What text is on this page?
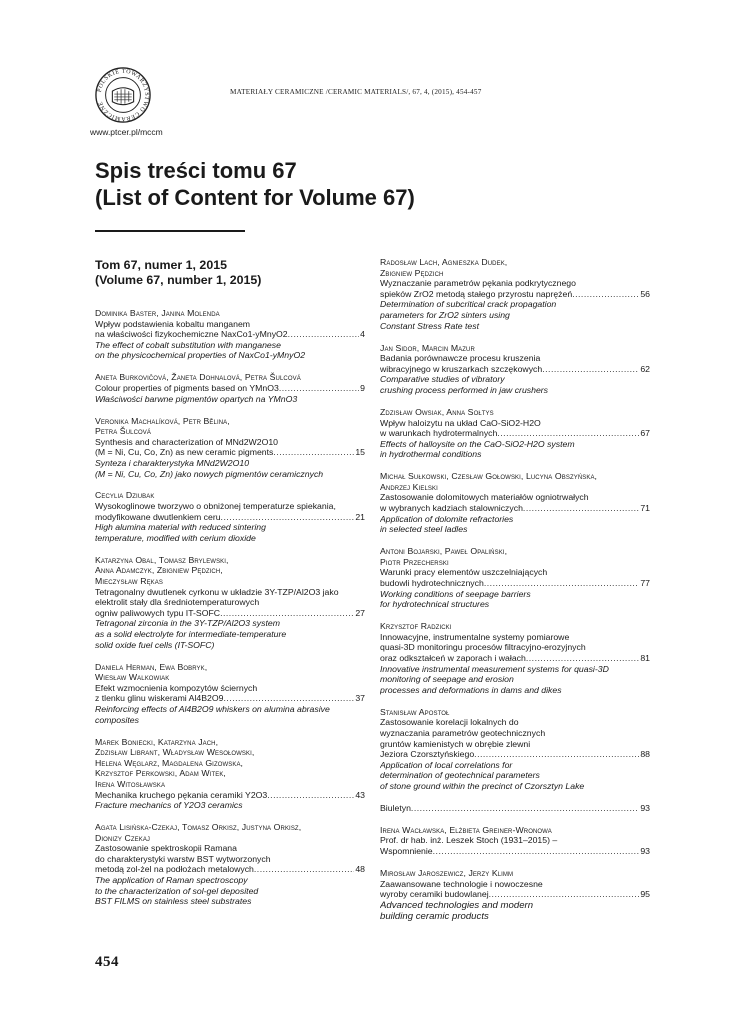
POLSKIE TOWARZYSTWO CERAMICZNE
www.ptcer.pl/mccm
MATERIAŁY CERAMICZNE /CERAMIC MATERIALS/, 67, 4, (2015), 454-457
Spis treści tomu 67
(List of Content for Volume 67)
Tom 67, numer 1, 2015
(Volume 67, number 1, 2015)
Dominika Baster, Janina Molenda
Wpływ podstawienia kobaltu manganem
na właściwości fizykochemiczne NaxCo1-yMnyO2 .....	4
The effect of cobalt substitution with manganese
on the physicochemical properties of NaxCo1-yMnyO2
Aneta Burkovičová, Žaneta Dohnalová, Petra Šulcová
Colour properties of pigments based on YMnO3 .....	9
Właściwości barwne pigmentów opartych na YMnO3
Veronika Machalíková, Petr Bělina,
Petra Šulcová
Synthesis and characterization of MNd2W2O10
(M = Ni, Cu, Co, Zn) as new ceramic pigments .....	15
Synteza i charakterystyka MNd2W2O10
(M = Ni, Cu, Co, Zn) jako nowych pigmentów ceramicznych
Cecylia Dziubak
Wysokoglinowe tworzywo o obniżonej temperaturze spiekania,
modyfikowane dwutlenkiem ceru .....	21
High alumina material with reduced sintering
temperature, modified with cerium dioxide
Katarzyna Obal, Tomasz Brylewski,
Anna Adamczyk, Zbigniew Pędzich,
Mieczysław Rękas
Tetragonalny dwutlenek cyrkonu w układzie 3Y-TZP/Al2O3 jako
elektrolit stały dla średniotemperaturowych
ogniw paliwowych typu IT-SOFC .....	27
Tetragonal zirconia in the 3Y-TZP/Al2O3 system
as a solid electrolyte for intermediate-temperature
solid oxide fuel cells (IT-SOFC)
Daniela Herman, Ewa Bobryk,
Wiesław Walkowiak
Efekt wzmocnienia kompozytów ściernych
z tlenku glinu wiskerami Al4B2O9 .....	37
Reinforcing effects of Al4B2O9 whiskers on alumina abrasive
composites
Marek Boniecki, Katarzyna Jach,
Zdzisław Librant, Władysław Wesołowski,
Helena Węglarz, Magdalena Gizowska,
Krzysztof Perkowski, Adam Witek,
Irena Witosławska
Mechanika kruchego pękania ceramiki Y2O3 .....	43
Fracture mechanics of Y2O3 ceramics
Agata Lisińska-Czekaj, Tomasz Orkisz, Justyna Orkisz,
Dionizy Czekaj
Zastosowanie spektroskopii Ramana
do charakterystyki warstw BST wytworzonych
metodą zol-żel na podłożach metalowych .....	48
The application of Raman spectroscopy
to the characterization of sol-gel deposited
BST FILMS on stainless steel substrates
Radosław Lach, Agnieszka Dudek,
Zbigniew Pędzich
Wyznaczanie parametrów pękania podkrytycznego
spieków ZrO2 metodą stałego przyrostu naprężeń .....	56
Determination of subcritical crack propagation
parameters for ZrO2 sinters using
Constant Stress Rate test
Jan Sidor, Marcin Mazur
Badania porównawcze procesu kruszenia
wibracyjnego w kruszarkach szczękowych .....	62
Comparative studies of vibratory
crushing process performed in jaw crushers
Zdzisław Owsiak, Anna Sołtys
Wpływ haloizytu na układ CaO-SiO2-H2O
w warunkach hydrotermalnych .....	67
Effects of halloysite on the CaO-SiO2-H2O system
in hydrothermal conditions
Michał Sułkowski, Czesław Gołowski, Lucyna Obszyńska,
Andrzej Kielski
Zastosowanie dolomitowych materiałów ogniotrwałych
w wybranych kadziach stalowniczych .....	71
Application of dolomite refractories
in selected steel ladles
Antoni Bojarski, Paweł Opaliński,
Piotr Przecherski
Warunki pracy elementów uszczelniających
budowli hydrotechnicznych .....	77
Working conditions of seepage barriers
for hydrotechnical structures
Krzysztof Radzicki
Innowacyjne, instrumentalne systemy pomiarowe
quasi-3D monitoringu procesów filtracyjno-erozyjnych
oraz odkształceń w zaporach i wałach .....	81
Innovative instrumental measurement systems for quasi-3D
monitoring of seepage and erosion
processes and deformations in dams and dikes
Stanisław Apostoł
Zastosowanie korelacji lokalnych do
wyznaczania parametrów geotechnicznych
gruntów kamienistych w obrębie zlewni
Jeziora Czorsztyńskiego .....	88
Application of local correlations for
determination of geotechnical parameters
of stone ground within the precinct of Czorsztyn Lake
Biuletyn .....	93
Irena Wacławska, Elżbieta Greiner-Wronowa
Prof. dr hab. inż. Leszek Stoch (1931–2015) –
Wspomnienie .....	93
Mirosław Jaroszewicz, Jerzy Klimm
Zaawansowane technologie i nowoczesne
wyroby ceramiki budowlanej .....	95
Advanced technologies and modern
building ceramic products
454
